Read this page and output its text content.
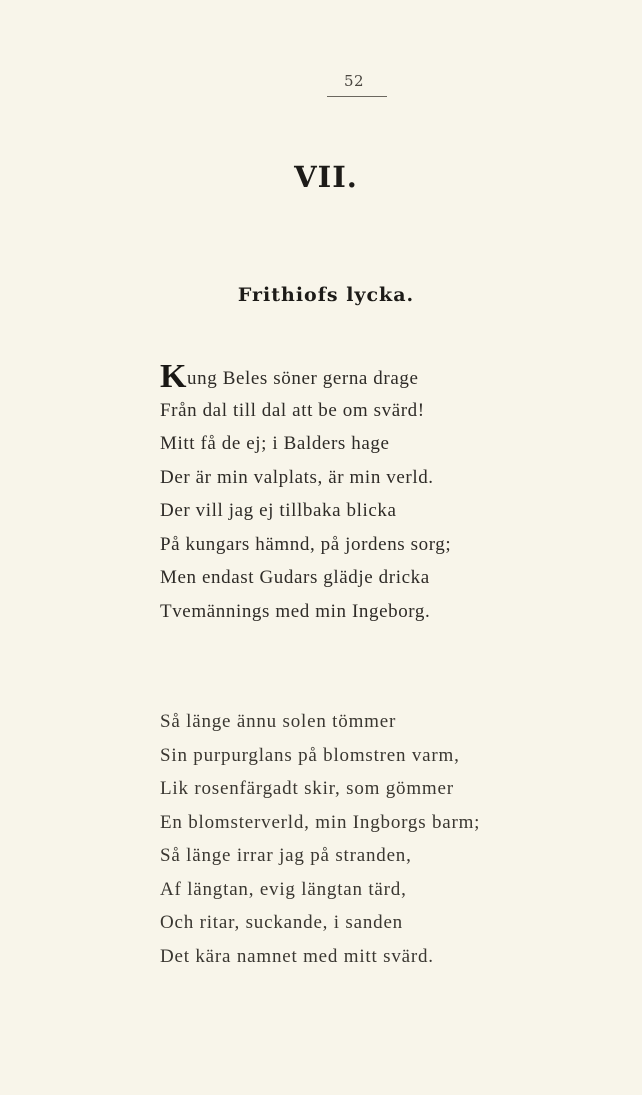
52
VII.
Frithiofs lycka.
Kung Beles söner gerna drage
Från dal till dal att be om svärd!
Mitt få de ej; i Balders hage
Der är min valplats, är min verld.
Der vill jag ej tillbaka blicka
På kungars hämnd, på jordens sorg;
Men endast Gudars glädje dricka
Tvemännings med min Ingeborg.
Så länge ännu solen tömmer
Sin purpurglans på blomstren varm,
Lik rosenfärgadt skir, som gömmer
En blomsterverld, min Ingborgs barm;
Så länge irrar jag på stranden,
Af längtan, evig längtan tärd,
Och ritar, suckande, i sanden
Det kära namnet med mitt svärd.
